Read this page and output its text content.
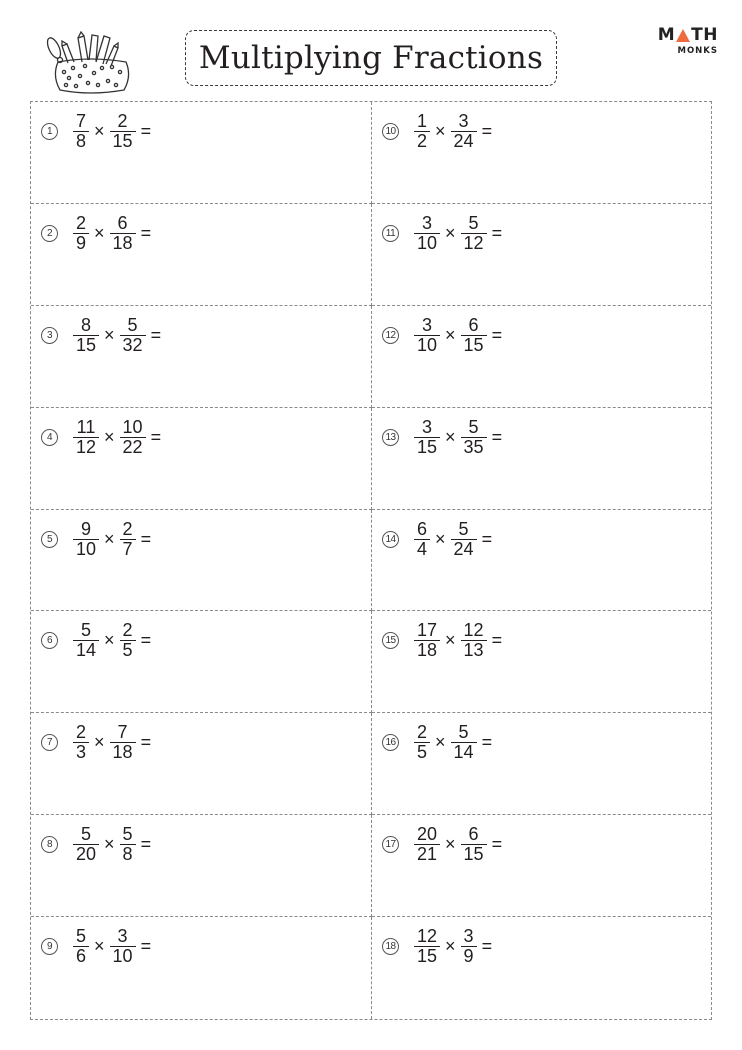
Multiplying Fractions
M TH
MONKS
1	$\frac{7}{8} \times \frac{2}{15}$ =
2	$\frac{2}{9} \times \frac{6}{18}$ =
3	$\frac{8}{15} \times \frac{5}{32}$ =
4	$\frac{11}{12} \times \frac{10}{22}$ =
5	$\frac{9}{10} \times \frac{2}{7}$ =
6	$\frac{5}{14} \times \frac{2}{5}$ =
7	$\frac{2}{3} \times \frac{7}{18}$ =
8	$\frac{5}{20} \times \frac{5}{8}$ =
9	$\frac{5}{6} \times \frac{3}{10}$ =
$10 \frac{1}{2} \times \frac{3}{24}$ =
$11 \frac{3}{10} \times \frac{5}{12}$ =
$12 \frac{3}{10} \times \frac{6}{15}$ =
$13 \frac{3}{15} \times \frac{5}{35}$ =
$14 \frac{6}{4} \times \frac{5}{24}$ =
$15 \frac{17}{18} \times \frac{12}{13}$ =
$16 \frac{2}{5} \times \frac{5}{14}$ =
$17 \frac{20}{21} \times \frac{6}{15}$ =
$18 \frac{12}{15} \times \frac{3}{9}$ =
